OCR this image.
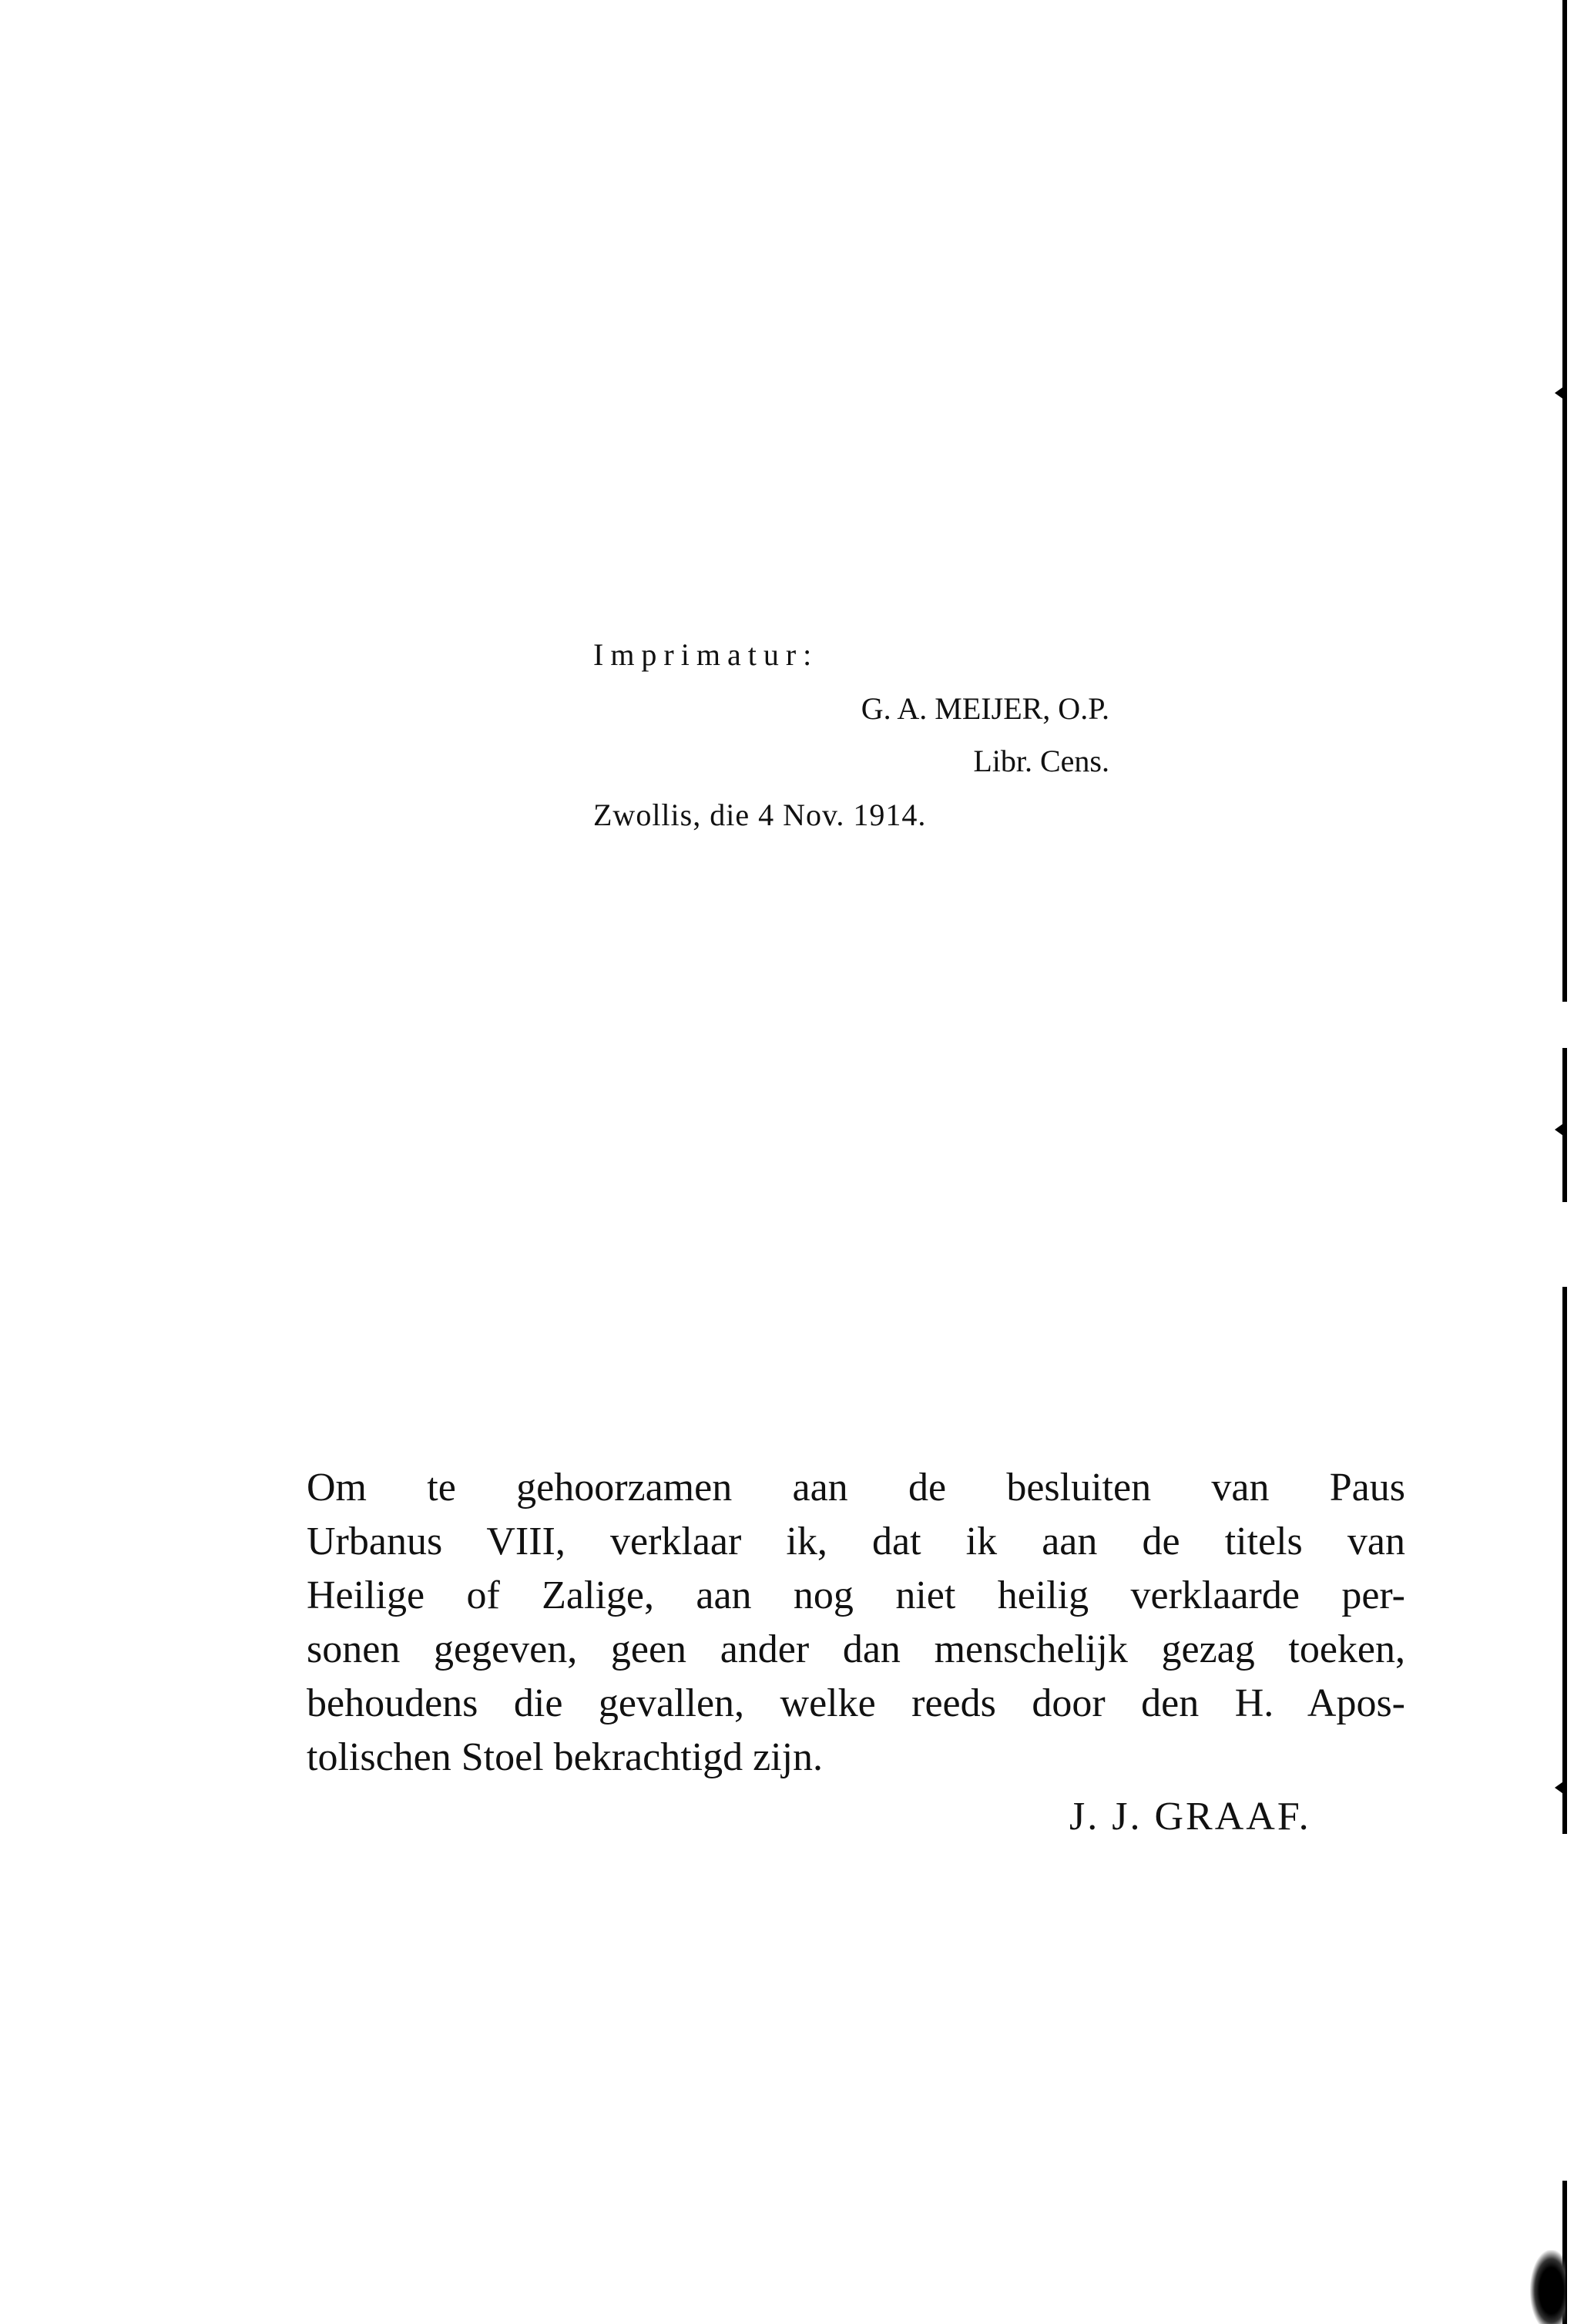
Imprimatur:
G. A. MEIJER, O.P.
Libr. Cens.
Zwollis, die 4 Nov. 1914.
Om te gehoorzamen aan de besluiten van Paus
Urbanus VIII, verklaar ik, dat ik aan de titels van
Heilige of Zalige, aan nog niet heilig verklaarde per-
sonen gegeven, geen ander dan menschelijk gezag toeken,
behoudens die gevallen, welke reeds door den H. Apos-
tolischen Stoel bekrachtigd zijn.
J. J. GRAAF.
